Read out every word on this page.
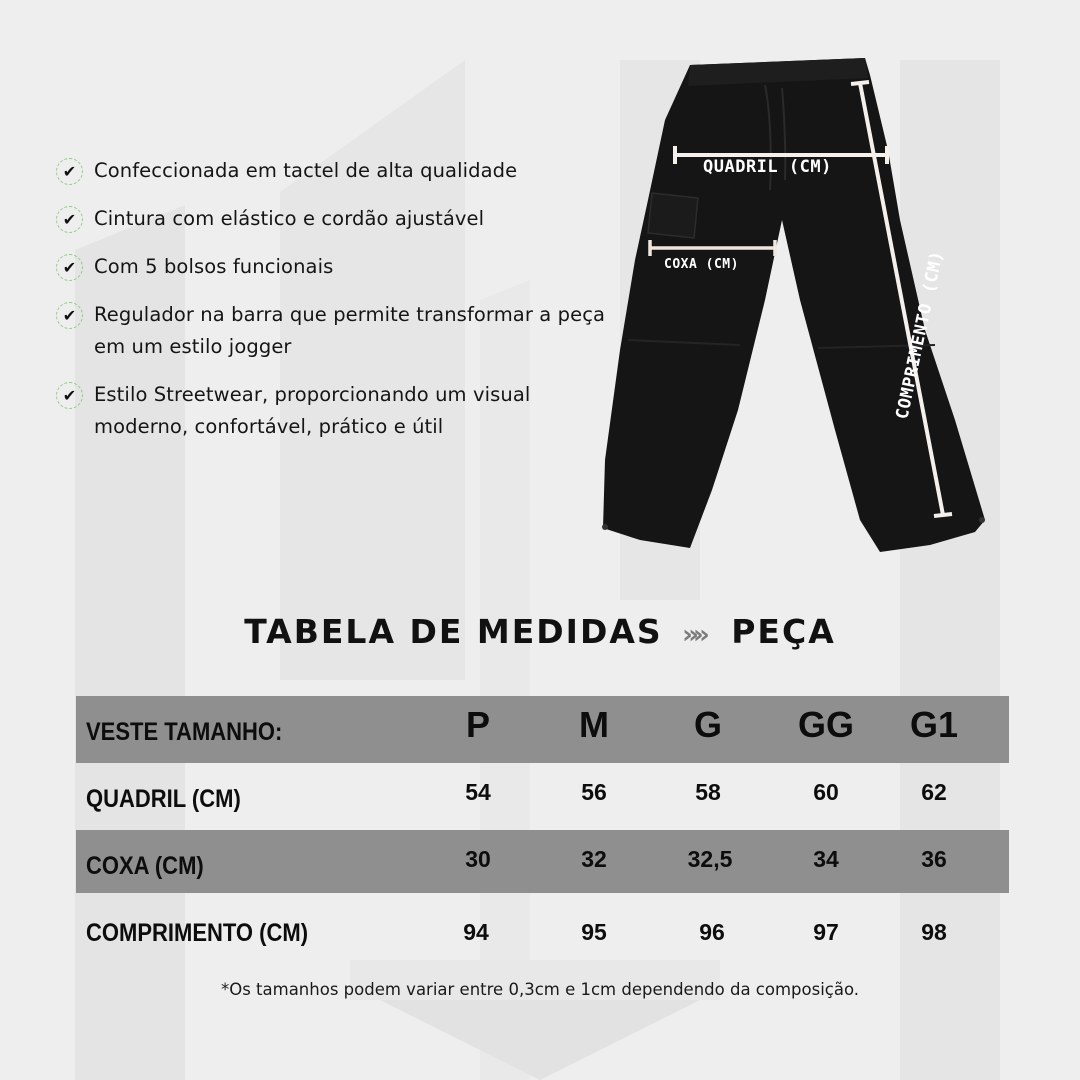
✔ Confeccionada em tactel de alta qualidade
✔ Cintura com elástico e cordão ajustável
✔ Com 5 bolsos funcionais
✔ Regulador na barra que permite transformar a peça em um estilo jogger
✔ Estilo Streetwear, proporcionando um visual moderno, confortável, prático e útil
QUADRIL (CM)
COXA (CM)	COMPRIMENTO (CM)
TABELA DE MEDIDAS »» PEÇA
VESTE TAMANHO:	P	M	G	GG	G1
QUADRIL (CM)	54	56	58	60	62
COXA (CM)	30	32	32,5	34	36
COMPRIMENTO (CM)	94	95	96	97	98
*Os tamanhos podem variar entre 0,3cm e 1cm dependendo da composição.
